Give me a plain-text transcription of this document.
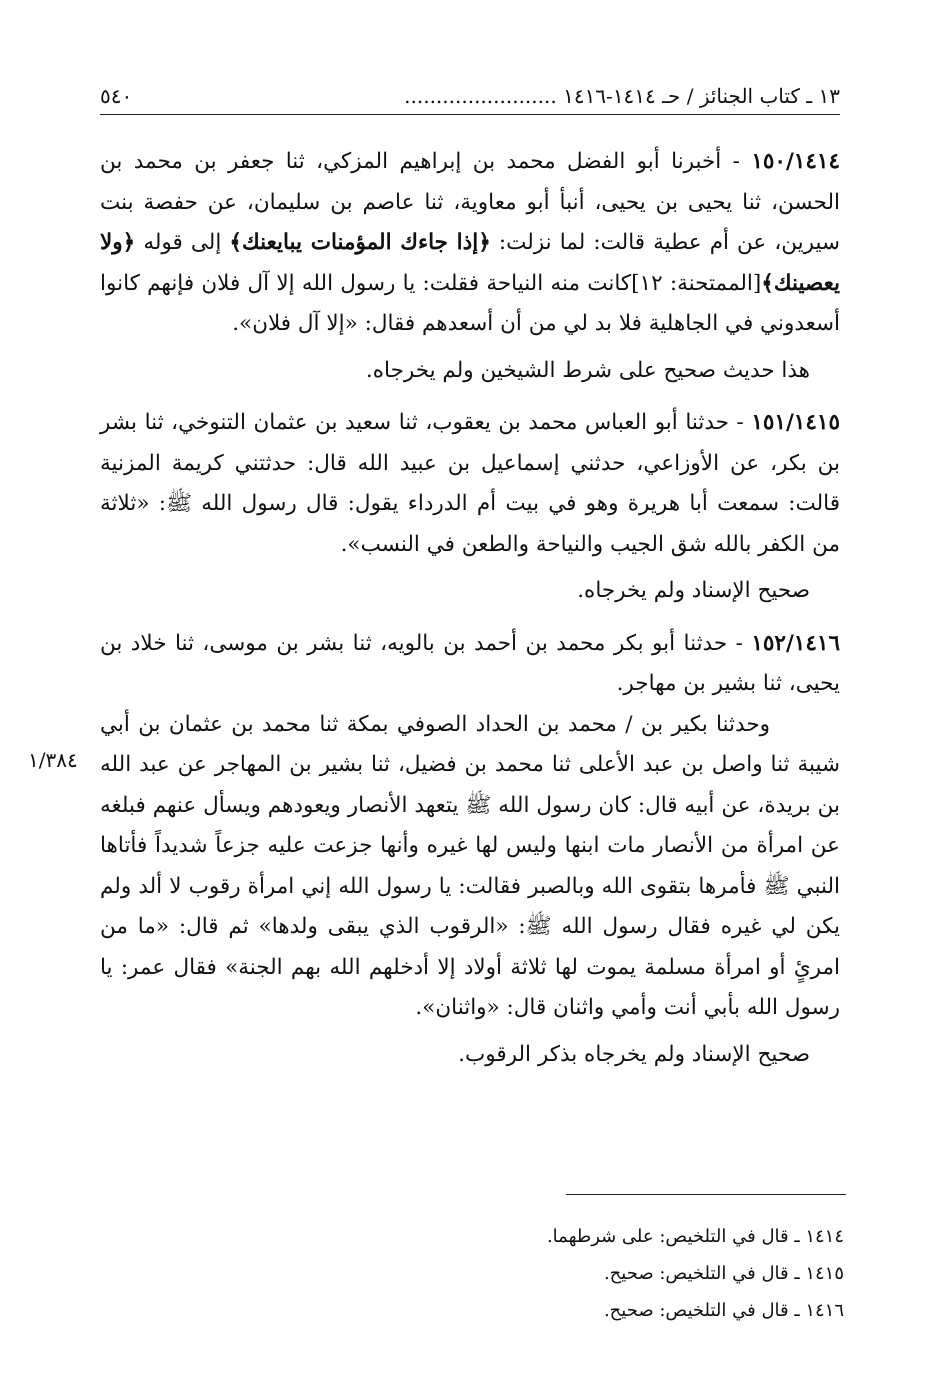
١٣ ـ كتاب الجنائز / حـ ١٤١٤-١٤١٦ ........................
٥٤٠
١/٣٨٤

١٥٠/١٤١٤ - أخبرنا أبو الفضل محمد بن إبراهيم المزكي، ثنا جعفر بن محمد بن الحسن، ثنا يحيى بن يحيى، أنبأ أبو معاوية، ثنا عاصم بن سليمان، عن حفصة بنت سيرين، عن أم عطية قالت: لما نزلت: ﴿إذا جاءك المؤمنات يبايعنك﴾ إلى قوله ﴿ولا يعصينك﴾[الممتحنة: ١٢]كانت منه النياحة فقلت: يا رسول الله إلا آل فلان فإنهم كانوا أسعدوني في الجاهلية فلا بد لي من أن أسعدهم فقال: «إلا آل فلان».

هذا حديث صحيح على شرط الشيخين ولم يخرجاه.

١٥١/١٤١٥ - حدثنا أبو العباس محمد بن يعقوب، ثنا سعيد بن عثمان التنوخي، ثنا بشر بن بكر، عن الأوزاعي، حدثني إسماعيل بن عبيد الله قال: حدثتني كريمة المزنية قالت: سمعت أبا هريرة وهو في بيت أم الدرداء يقول: قال رسول الله ﷺ: «ثلاثة من الكفر بالله شق الجيب والنياحة والطعن في النسب».

صحيح الإسناد ولم يخرجاه.

١٥٢/١٤١٦ - حدثنا أبو بكر محمد بن أحمد بن بالويه، ثنا بشر بن موسى، ثنا خلاد بن يحيى، ثنا بشير بن مهاجر.

وحدثنا بكير بن / محمد بن الحداد الصوفي بمكة ثنا محمد بن عثمان بن أبي شيبة ثنا واصل بن عبد الأعلى ثنا محمد بن فضيل، ثنا بشير بن المهاجر عن عبد الله بن بريدة، عن أبيه قال: كان رسول الله ﷺ يتعهد الأنصار ويعودهم ويسأل عنهم فبلغه عن امرأة من الأنصار مات ابنها وليس لها غيره وأنها جزعت عليه جزعاً شديداً فأتاها النبي ﷺ فأمرها بتقوى الله وبالصبر فقالت: يا رسول الله إني امرأة رقوب لا ألد ولم يكن لي غيره فقال رسول الله ﷺ: «الرقوب الذي يبقى ولدها» ثم قال: «ما من امرئٍ أو امرأة مسلمة يموت لها ثلاثة أولاد إلا أدخلهم الله بهم الجنة» فقال عمر: يا رسول الله بأبي أنت وأمي واثنان قال: «واثنان».

صحيح الإسناد ولم يخرجاه بذكر الرقوب.

١٤١٤ ـ قال في التلخيص: على شرطهما.

١٤١٥ ـ قال في التلخيص: صحيح.

١٤١٦ ـ قال في التلخيص: صحيح.
